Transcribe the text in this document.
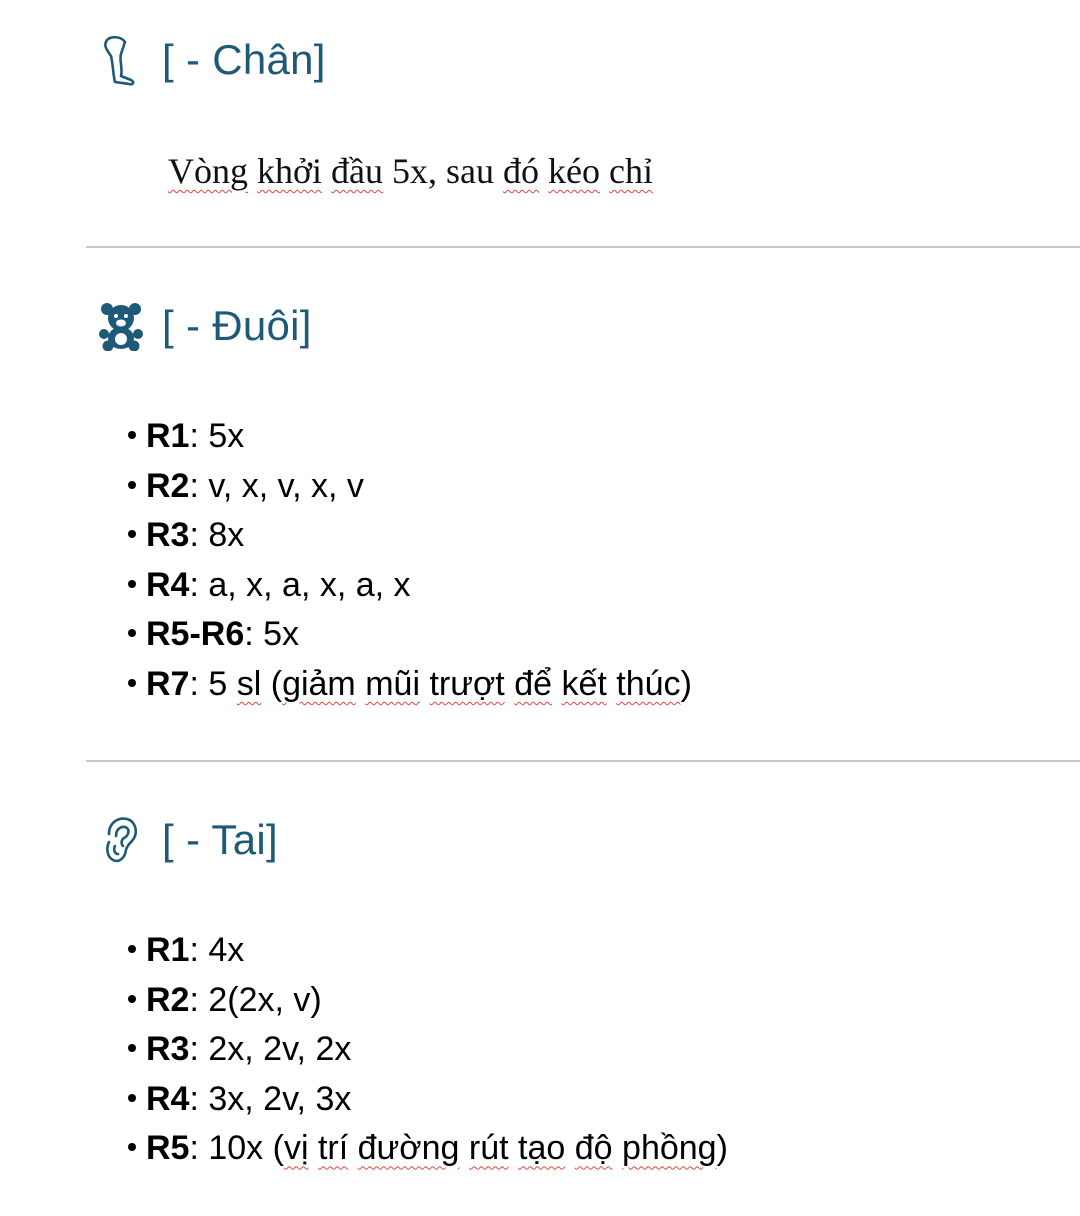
[ - Chân]
Vòng khởi đầu 5x, sau đó kéo chỉ
[ - Đuôi]
R1: 5x
R2: v, x, v, x, v
R3: 8x
R4: a, x, a, x, a, x
R5-R6: 5x
R7: 5 sl (giảm mũi trượt để kết thúc)
[ - Tai]
R1: 4x
R2: 2(2x, v)
R3: 2x, 2v, 2x
R4: 3x, 2v, 3x
R5: 10x (vị trí đường rút tạo độ phồng)
